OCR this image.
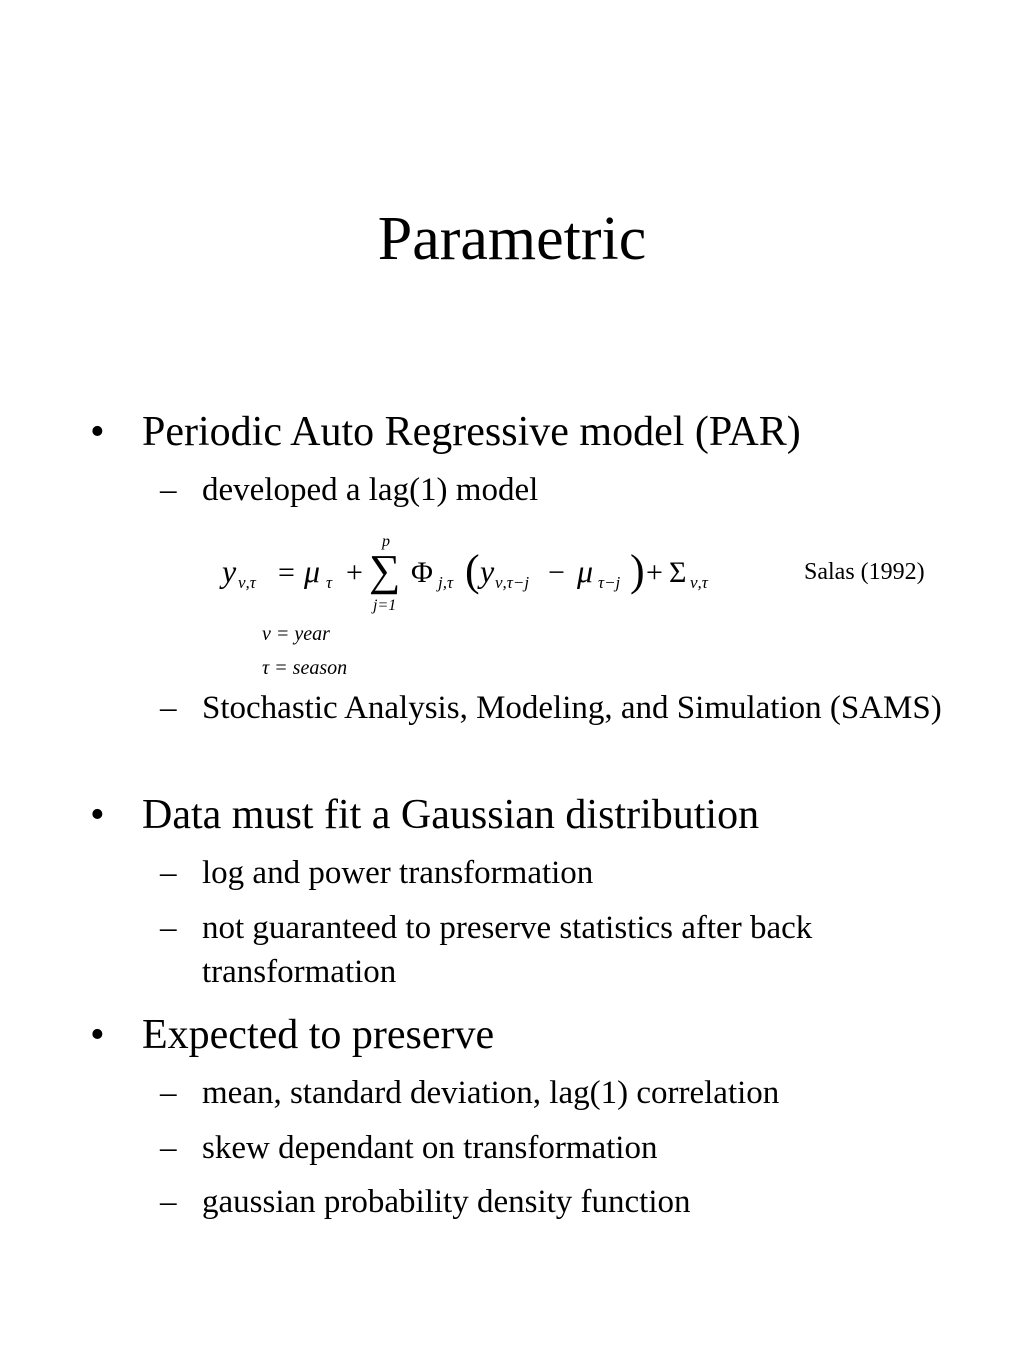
Parametric
• Periodic Auto Regressive model (PAR)
– developed a lag(1) model
y ν,τ = μ τ + ∑
p
j=1
Φ j,τ ( y ν,τ−j − μ τ−j ) + Σ ν,τ	Salas (1992)
ν = year
τ = season
– Stochastic Analysis, Modeling, and Simulation (SAMS)
• Data must fit a Gaussian distribution
– log and power transformation
– not guaranteed to preserve statistics after back transformation
• Expected to preserve
– mean, standard deviation, lag(1) correlation
– skew dependant on transformation
– gaussian probability density function
